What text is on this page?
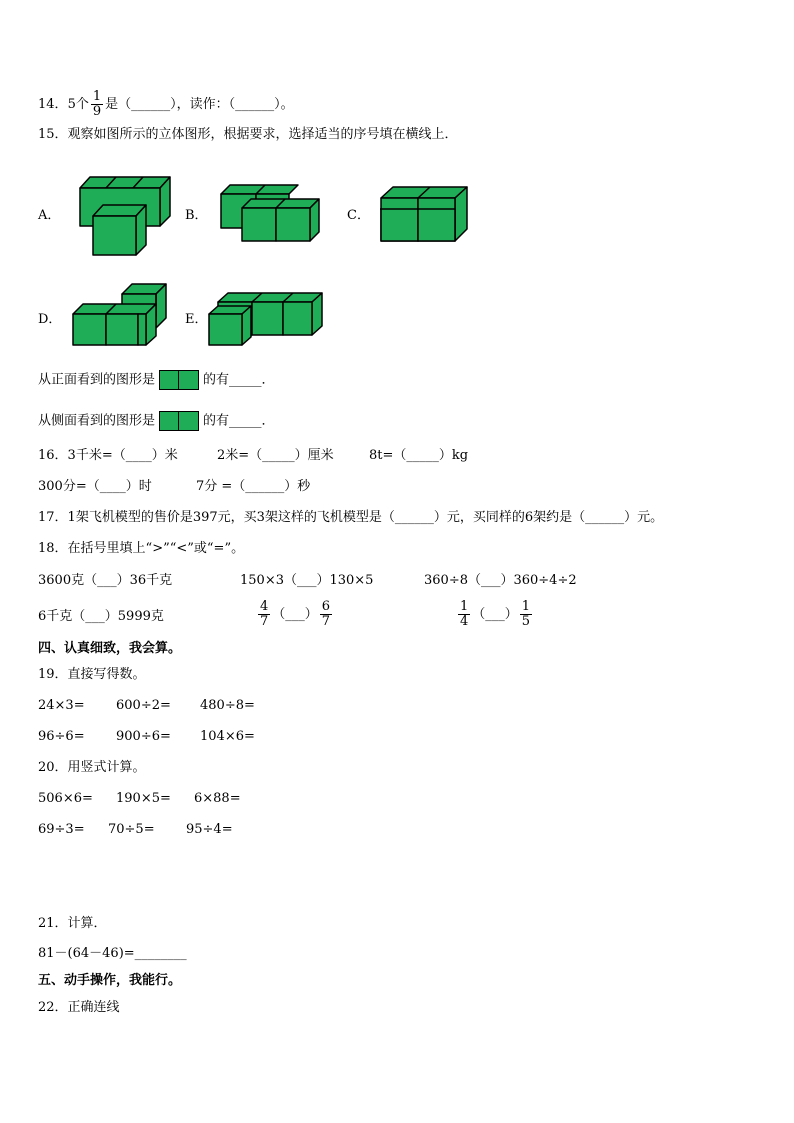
14．5个 $\frac{1}{9}$ 是（______），读作：（______）。
15．观察如图所示的立体图形，根据要求，选择适当的序号填在横线上．
A．	B．	C．
D．	E．
从正面看到的图形是	的有_____．
从侧面看到的图形是	的有_____．
16．3千米=（____）米	2米=（_____）厘米	8t=（_____）kg
300分=（____）时	7分 =（______）秒
17．1架飞机模型的售价是397元，买3架这样的飞机模型是（______）元，买同样的6架约是（______）元。
18．在括号里填上“>”“<”或“=”。
3600克（___）36千克	150×3（___）130×5	360÷8（___）360÷4÷2
6千克（___）5999克	$\frac{4}{7}$ （___） $\frac{6}{7}$	$\frac{1}{4}$ （___） $\frac{1}{5}$
四、认真细致，我会算。
19．直接写得数。
24×3= 600÷2= 480÷8=
96÷6= 900÷6= 104×6=
20．用竖式计算。
506×6= 190×5= 6×88=
69÷3= 70÷5= 95÷4=
21．计算．
81－(64－46)=________
五、动手操作，我能行。
22．正确连线
